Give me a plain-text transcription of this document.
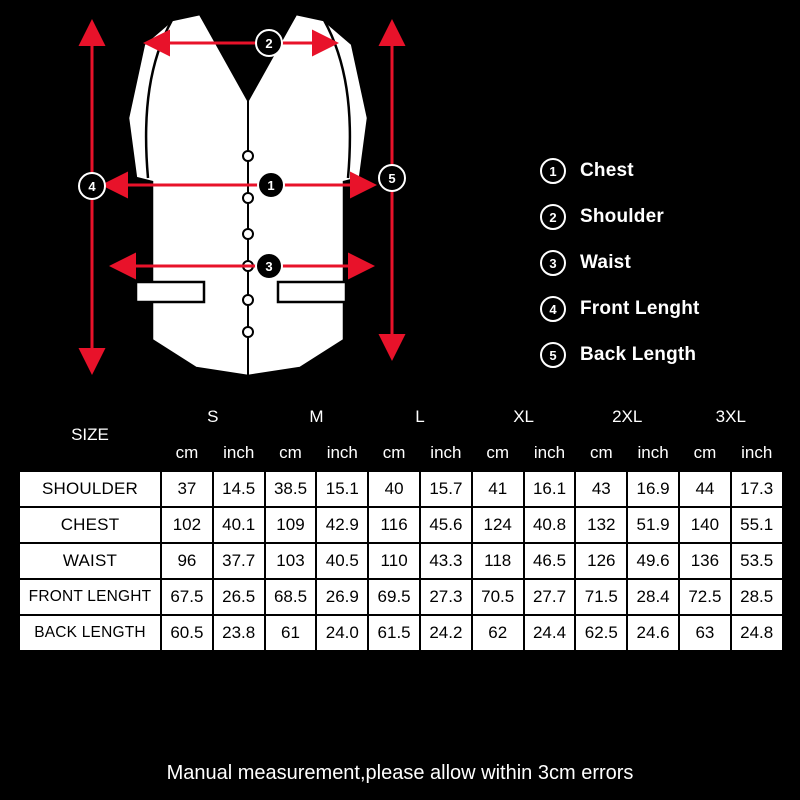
1
2
3
4
5	1	Chest
2	Shoulder
3	Waist
4	Front Lenght
5	Back Length
SIZE	S		M		L		XL		2XL		3XL	
	cm	inch	cm	inch	cm	inch	cm	inch	cm	inch	cm	inch
SHOULDER	37	14.5	38.5	15.1	40	15.7	41	16.1	43	16.9	44	17.3
CHEST	102	40.1	109	42.9	116	45.6	124	40.8	132	51.9	140	55.1
WAIST	96	37.7	103	40.5	110	43.3	118	46.5	126	49.6	136	53.5
FRONT LENGHT	67.5	26.5	68.5	26.9	69.5	27.3	70.5	27.7	71.5	28.4	72.5	28.5
BACK LENGTH	60.5	23.8	61	24.0	61.5	24.2	62	24.4	62.5	24.6	63	24.8
Manual measurement,please allow within 3cm errors
